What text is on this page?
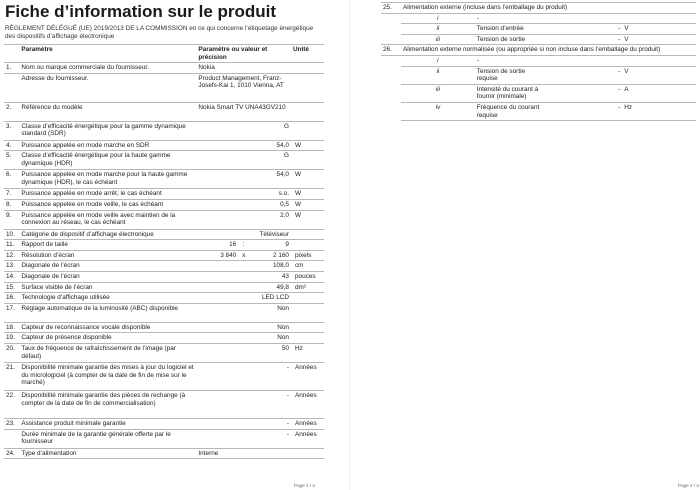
Fiche d’information sur le produit
RÈGLEMENT DÉLÉGUÉ (UE) 2019/2013 DE LA COMMISSION en ce qui concerne l’étiquetage énergétique des dispositifs d’affichage électronique
	Paramètre	Paramètre ou valeur et précision			Unité
1.	Nom ou marque commerciale du fournisseur.	Nokia			
	Adresse du fournisseur.	Product Management, Franz-Josefs-Kai 1, 1010 Vienna, AT			
2.	Référence du modèle	Nokia Smart TV UNA43GV210			
3.	Classe d’efficacité énergétique pour la gamme dynamique standard (SDR)	G			
4.	Puissance appelée en mode marche en SDR	54,0			W
5.	Classe d’efficacité énergétique pour la haute gamme dynamique (HDR)	G			
6.	Puissance appelée en mode marche pour la haute gamme dynamique (HDR), le cas échéant	54,0			W
7.	Puissance appelée en mode arrêt, le cas échéant	s.o.			W
8.	Puissance appelée en mode veille, le cas échéant	0,5			W
9.	Puissance appelée en mode veille avec maintien de la connexion au réseau, le cas échéant	2,0			W
10.	Catégorie de dispositif d’affichage électronique	Téléviseur			
11.	Rapport de taille	16	:	9	
12.	Résolution d’écran	3 840	x	2 160	pixels
13.	Diagonale de l’écran	108,0			cm
14.	Diagonale de l’écran	43			pouces
15.	Surface visible de l’écran	49,8			dm²
16.	Technologie d’affichage utilisée	LED LCD			
17.	Réglage automatique de la luminosité (ABC) disponible	Non			
18.	Capteur de reconnaissance vocale disponible	Non			
19.	Capteur de présence disponible	Non			
20.	Taux de fréquence de rafraîchissement de l’image (par défaut)	50			Hz
21.	Disponibilité minimale garantie des mises à jour du logiciel et du micrologiciel (à compter de la date de fin de mise sur le marché)	-			Années
22.	Disponibilité minimale garantie des pièces de rechange (à compter de la date de fin de commercialisation)	-			Années
23.	Assistance produit minimale garantie	-			Années
	Durée minimale de la garantie générale offerte par le fournisseur	-			Années
24.	Type d’alimentation	Interne			
Page 1 / 2
25.	Alimentation externe (incluse dans l’emballage du produit)			
	i	-		
	ii	Tension d’entrée	-	V
	iii	Tension de sortie	-	V
26.	Alimentation externe normalisée (ou appropriée si non incluse dans l’emballage du produit)			
	i	-		
	ii	Tension de sortie requise	-	V
	iii	Intensité du courant à fournir (minimale)	-	A
	iv	Fréquence du courant requise	-	Hz
Page 2 / 2
